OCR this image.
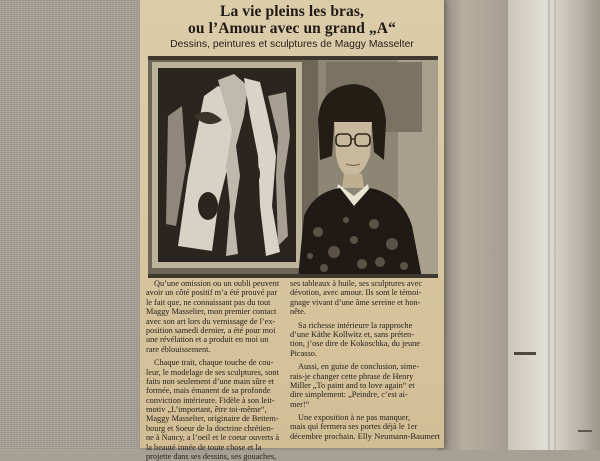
La vie pleins les bras,
ou l’Amour avec un grand „A“
Dessins, peintures et sculptures de Maggy Masselter
Qu’une omission ou un oubli peuvent
avoir un côté positif m’a été prouvé par
le fait que, ne connaissant pas du tout
Maggy Masselter, mon premier contact
avec son art lors du vernissage de l’ex-
position samedi dernier, a été pour moi
une révélation et a produit en moi un
rare éblouissement.
Chaque trait, chaque touche de cou-
leur, le modelage de ses sculptures, sont
faits non seulement d’une main sûre et
formée, mais émanent de sa profonde
conviction intérieure. Fidèle à son leit-
motiv „L’important, être toi-même“,
Maggy Masselter, originaire de Bettem-
bourg et Soeur de la doctrine chrétien-
ne à Nancy, a l’oeil et le coeur ouverts à
la beauté innée de toute chose et la
projette dans ses dessins, ses gouaches,
ses tableaux à huile, ses sculptures avec
dévotion, avec amour. Ils sont le témoi-
gnage vivant d’une âme sereine et hon-
nête.
Sa richesse intérieure la rapproche
d’une Käthe Kollwitz et, sans préten-
tion, j’ose dire de Kokoschka, du jeune
Picasso.
Aussi, en guise de conclusion, sime-
rais-je changer cette phrase de Henry
Miller „To paint and to love again“ et
dire simplement: „Peindre, c’est ai-
mer!“
Une exposition à ne pas manquer,
mais qui fermera ses portes déjà le 1er
décembre prochain. Elly Neumann-Baumert
